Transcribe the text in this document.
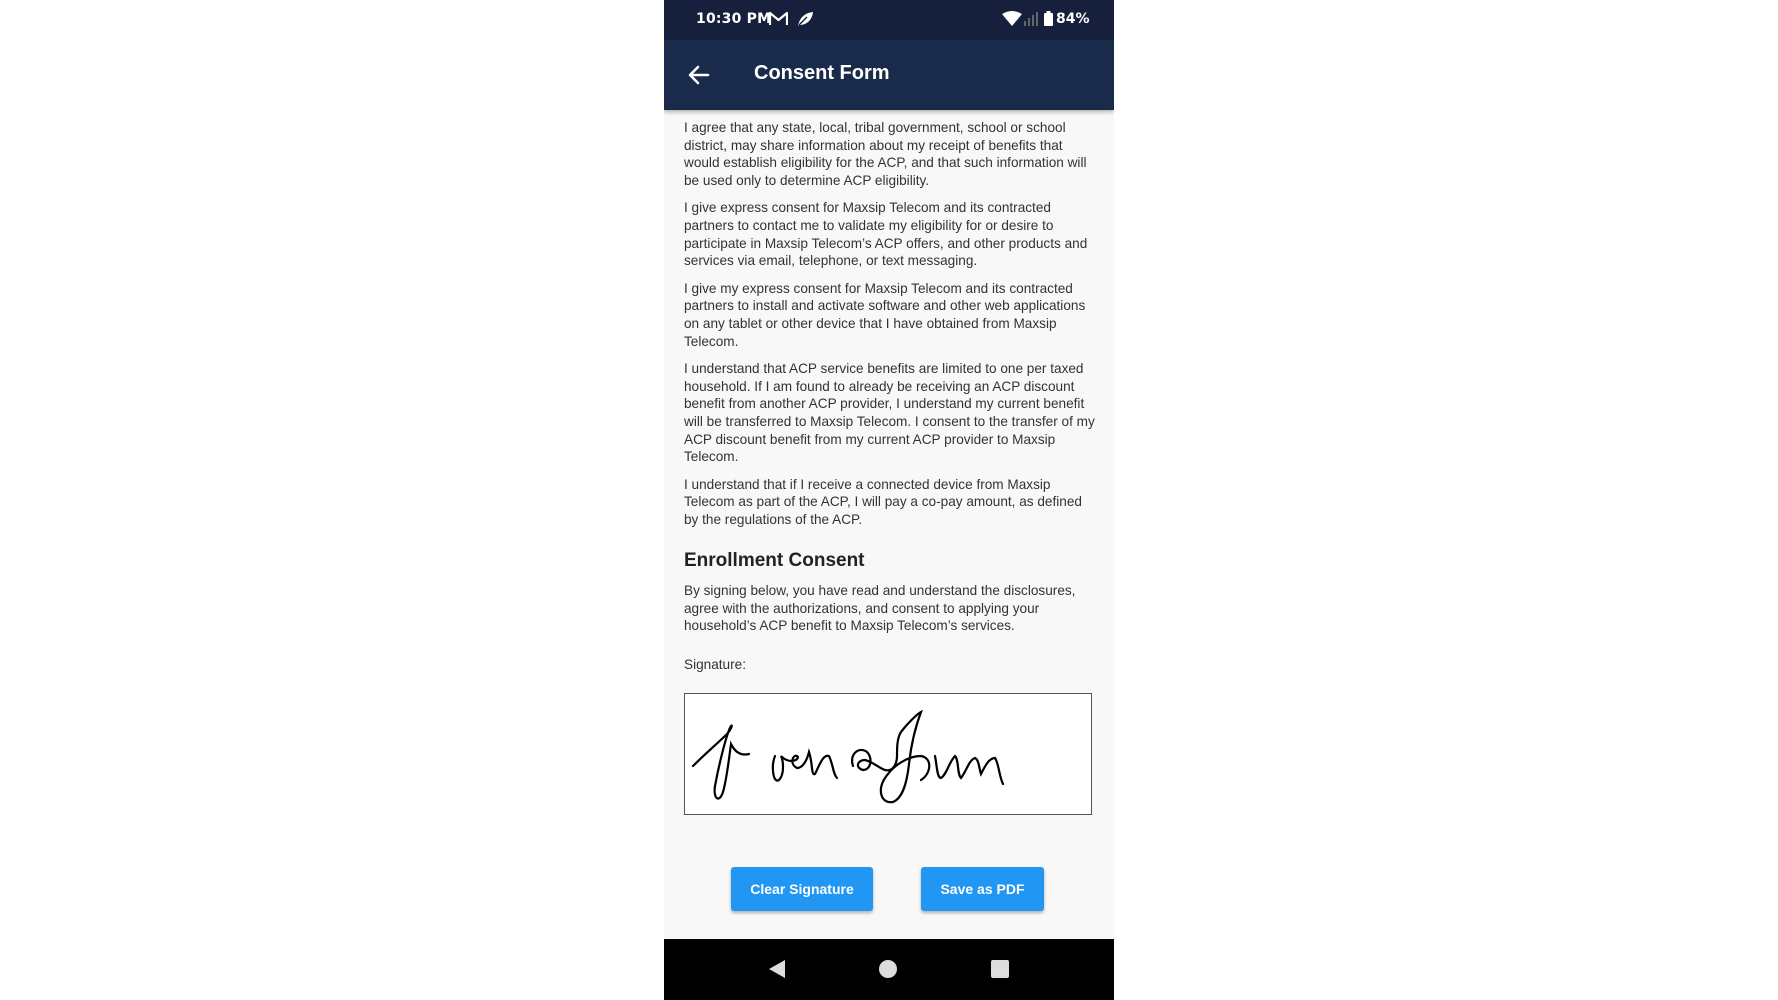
10:30 PM	84%
Consent Form

I agree that any state, local, tribal government, school or school district, may share information about my receipt of benefits that would establish eligibility for the ACP, and that such information will be used only to determine ACP eligibility.

I give express consent for Maxsip Telecom and its contracted partners to contact me to validate my eligibility for or desire to participate in Maxsip Telecom’s ACP offers, and other products and services via email, telephone, or text messaging.

I give my express consent for Maxsip Telecom and its contracted partners to install and activate software and other web applications on any tablet or other device that I have obtained from Maxsip Telecom.

I understand that ACP service benefits are limited to one per taxed household. If I am found to already be receiving an ACP discount benefit from another ACP provider, I understand my current benefit will be transferred to Maxsip Telecom. I consent to the transfer of my ACP discount benefit from my current ACP provider to Maxsip Telecom.

I understand that if I receive a connected device from Maxsip Telecom as part of the ACP, I will pay a co-pay amount, as defined by the regulations of the ACP.

Enrollment Consent

By signing below, you have read and understand the disclosures, agree with the authorizations, and consent to applying your household’s ACP benefit to Maxsip Telecom’s services.

Signature:
Clear Signature	Save as PDF
